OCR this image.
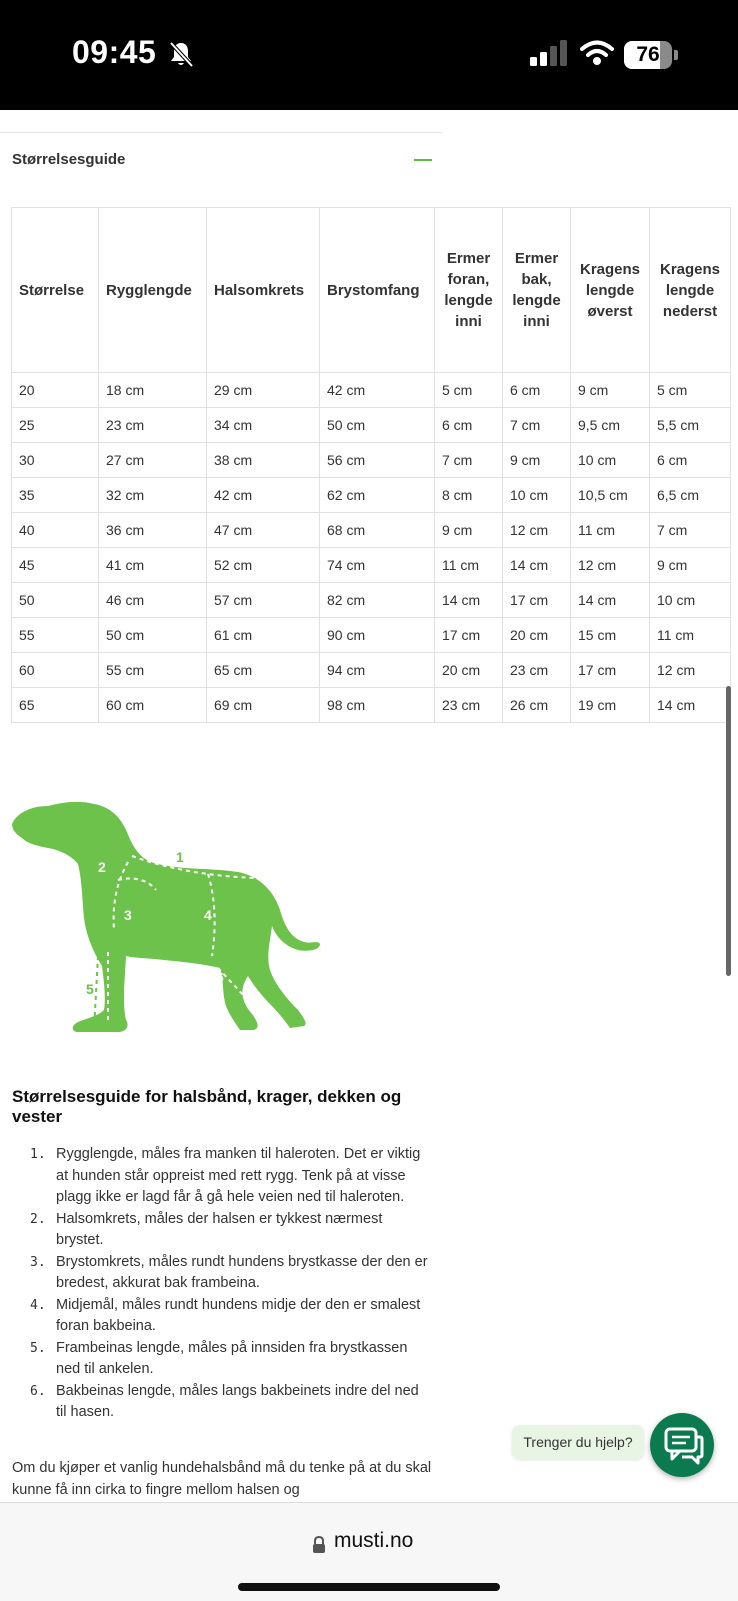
09:45	76
Størrelsesguide
Størrelse	Rygglengde	Halsomkrets	Brystomfang	Ermer
foran,
lengde
inni	Ermer
bak,
lengde
inni	Kragens
lengde
øverst	Kragens
lengde
nederst
20	18 cm	29 cm	42 cm	5 cm	6 cm	9 cm	5 cm
25	23 cm	34 cm	50 cm	6 cm	7 cm	9,5 cm	5,5 cm
30	27 cm	38 cm	56 cm	7 cm	9 cm	10 cm	6 cm
35	32 cm	42 cm	62 cm	8 cm	10 cm	10,5 cm	6,5 cm
40	36 cm	47 cm	68 cm	9 cm	12 cm	11 cm	7 cm
45	41 cm	52 cm	74 cm	11 cm	14 cm	12 cm	9 cm
50	46 cm	57 cm	82 cm	14 cm	17 cm	14 cm	10 cm
55	50 cm	61 cm	90 cm	17 cm	20 cm	15 cm	11 cm
60	55 cm	65 cm	94 cm	20 cm	23 cm	17 cm	12 cm
65	60 cm	69 cm	98 cm	23 cm	26 cm	19 cm	14 cm
2
3	4
6
1
5
Størrelsesguide for halsbånd, krager, dekken og vester
1. Rygglengde, måles fra manken til haleroten. Det er viktig at hunden står oppreist med rett rygg. Tenk på at visse plagg ikke er lagd får å gå hele veien ned til haleroten.
2. Halsomkrets, måles der halsen er tykkest nærmest brystet.
3. Brystomkrets, måles rundt hundens brystkasse der den er bredest, akkurat bak frambeina.
4. Midjemål, måles rundt hundens midje der den er smalest foran bakbeina.
5. Frambeinas lengde, måles på innsiden fra brystkassen ned til ankelen.
6. Bakbeinas lengde, måles langs bakbeinets indre del ned til hasen.
Om du kjøper et vanlig hundehalsbånd må du tenke på at du skal kunne få inn cirka to fingre mellom halsen og
Trenger du hjelp?
musti.no
